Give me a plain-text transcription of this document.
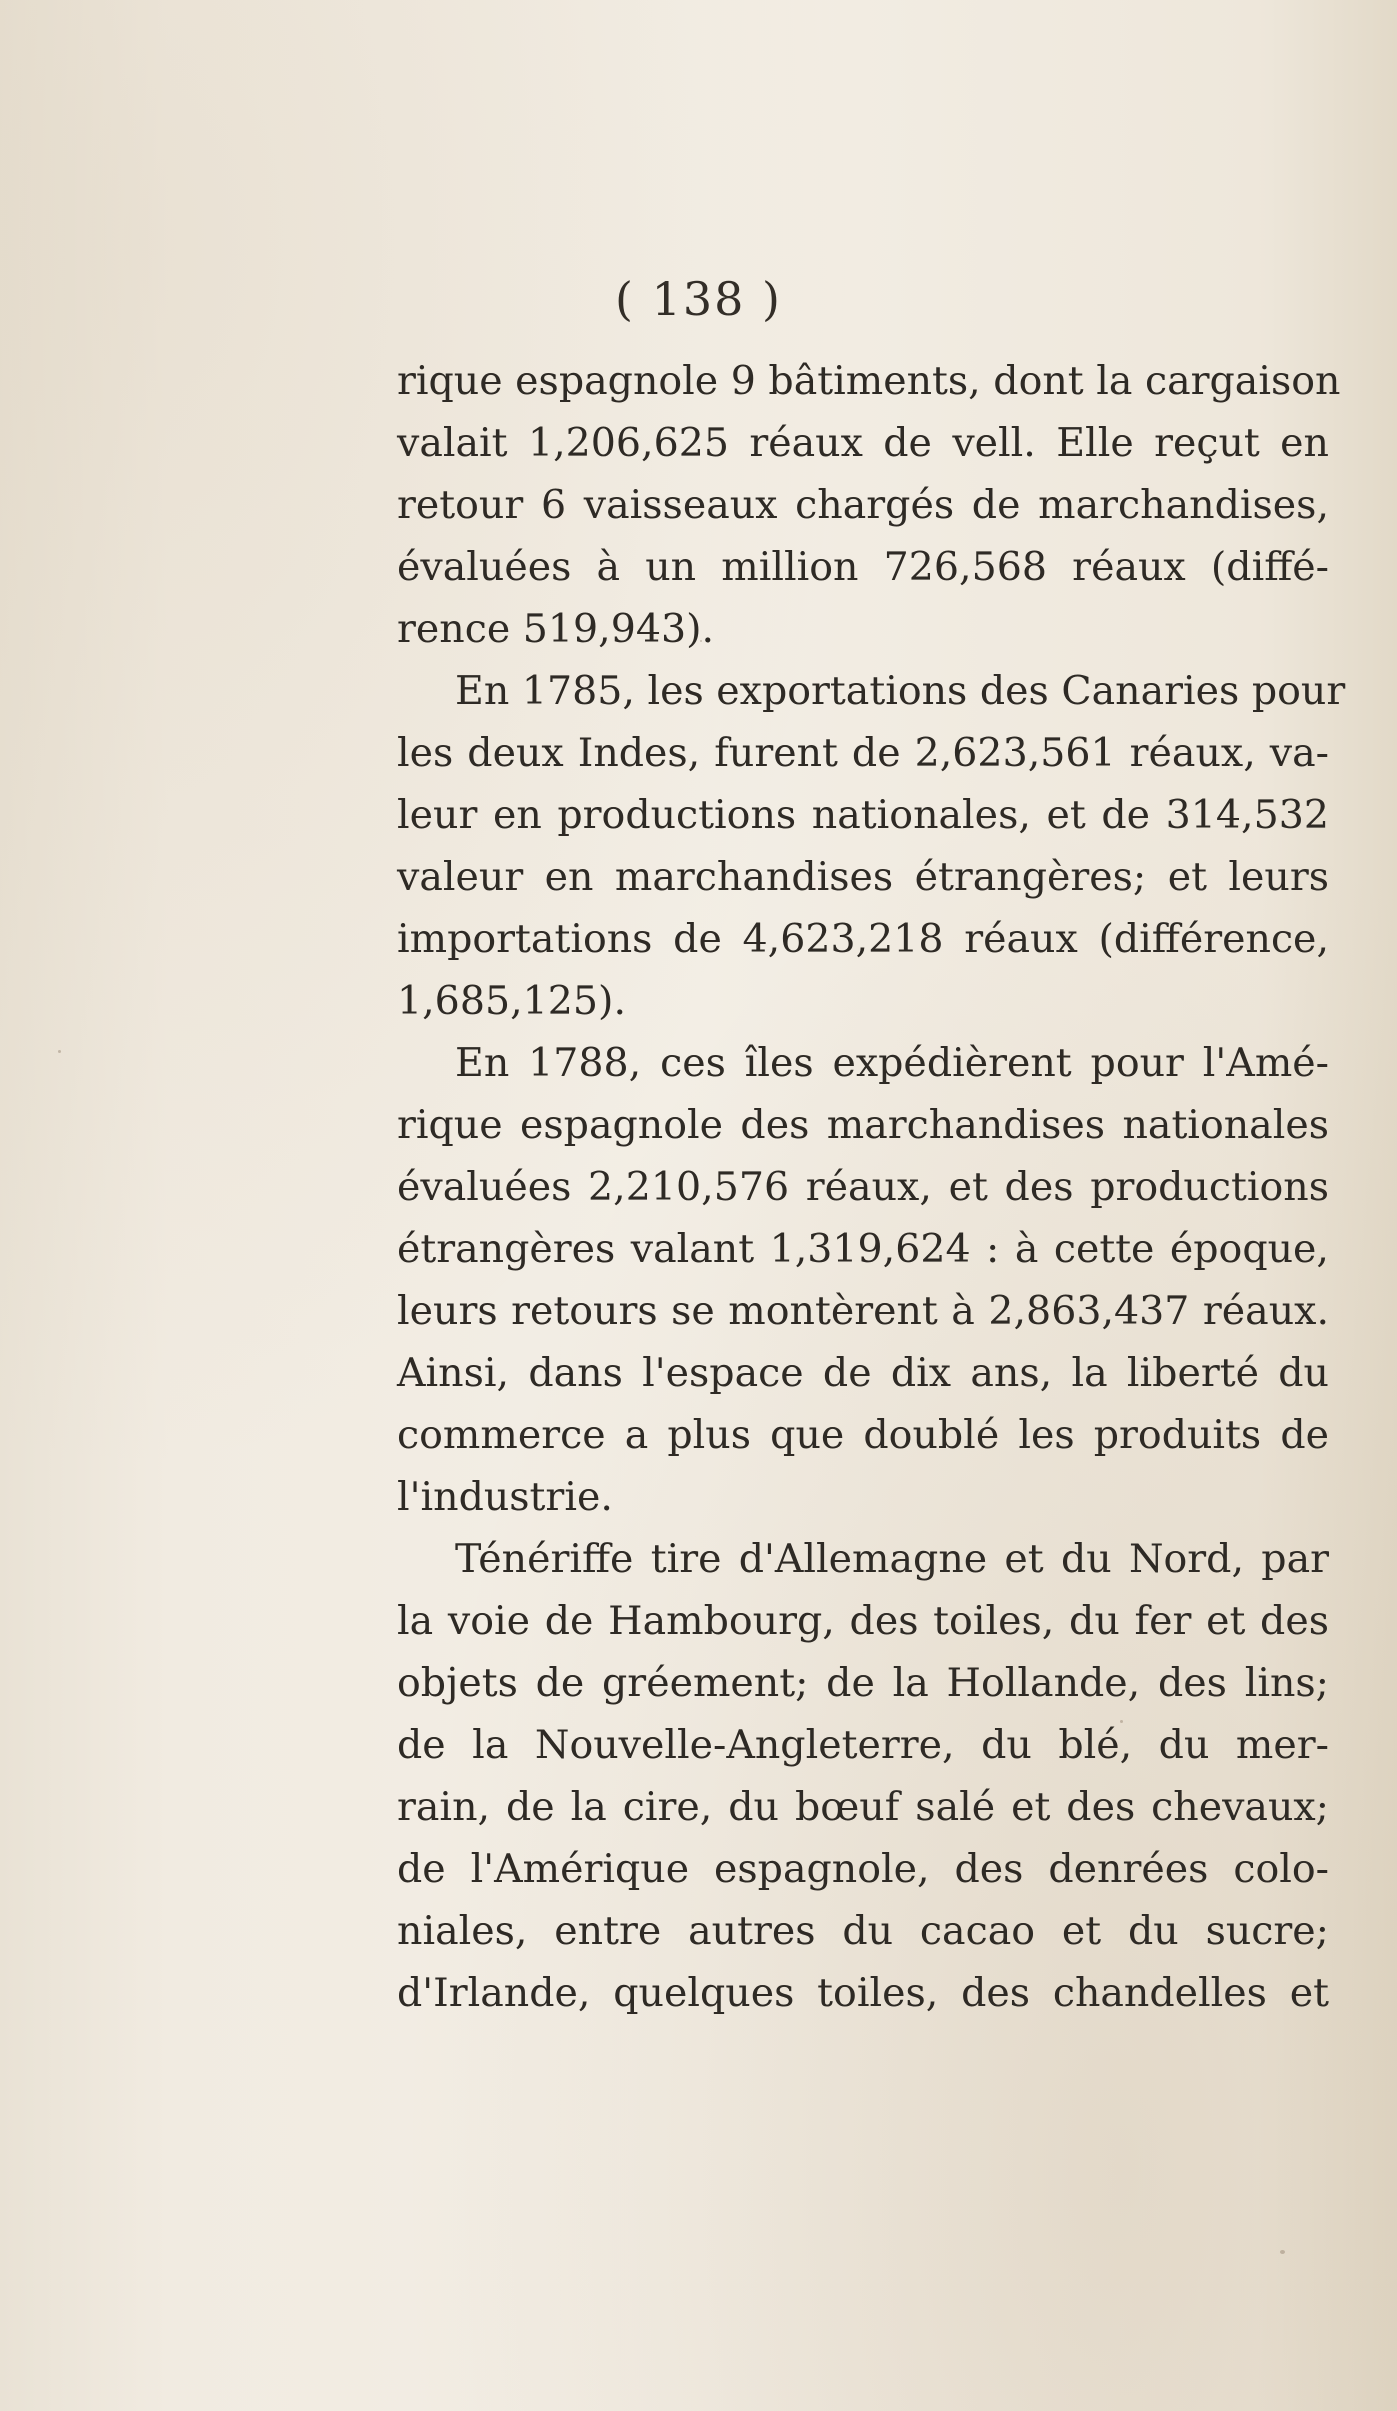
( 138 )
rique espagnole 9 bâtiments, dont la cargaison
valait 1,206,625 réaux de vell. Elle reçut en
retour 6 vaisseaux chargés de marchandises,
évaluées à un million 726,568 réaux (diffé-
rence 519,943).
En 1785, les exportations des Canaries pour
les deux Indes, furent de 2,623,561 réaux, va-
leur en productions nationales, et de 314,532
valeur en marchandises étrangères; et leurs
importations de 4,623,218 réaux (différence,
1,685,125).
En 1788, ces îles expédièrent pour l'Amé-
rique espagnole des marchandises nationales
évaluées 2,210,576 réaux, et des productions
étrangères valant 1,319,624 : à cette époque,
leurs retours se montèrent à 2,863,437 réaux.
Ainsi, dans l'espace de dix ans, la liberté du
commerce a plus que doublé les produits de
l'industrie.
Ténériffe tire d'Allemagne et du Nord, par
la voie de Hambourg, des toiles, du fer et des
objets de gréement; de la Hollande, des lins;
de la Nouvelle-Angleterre, du blé, du mer-
rain, de la cire, du bœuf salé et des chevaux;
de l'Amérique espagnole, des denrées colo-
niales, entre autres du cacao et du sucre;
d'Irlande, quelques toiles, des chandelles et
